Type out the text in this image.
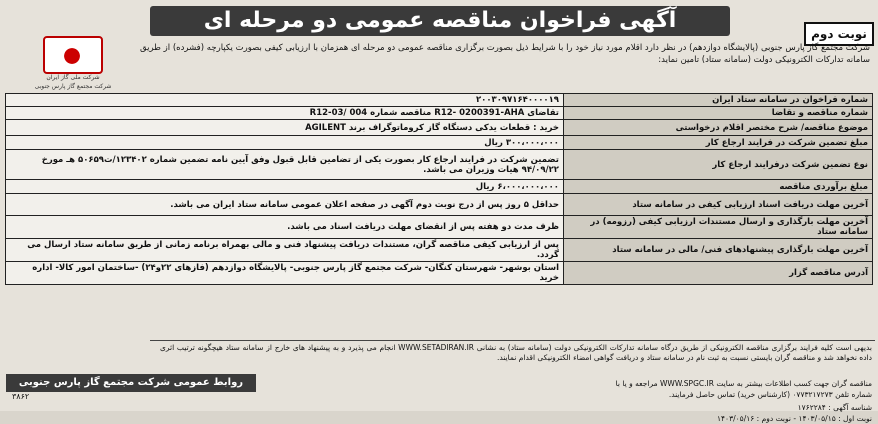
آگهی فراخوان مناقصه عمومی دو مرحله ای
نوبت دوم
شرکت ملی گاز ایران
شرکت مجتمع گاز پارس جنوبی
شرکت مجتمع گاز پارس جنوبی (پالایشگاه دوازدهم) در نظر دارد اقلام مورد نیاز خود را با شرایط ذیل بصورت برگزاری مناقصه عمومی دو مرحله ای همزمان با ارزیابی کیفی بصورت یکپارچه (فشرده) از طریق سامانه تدارکات الکترونیکی دولت (سامانه ستاد) تامین نماید:
شماره فراخوان در سامانه ستاد ایران	۲۰۰۳۰۹۷۱۶۴۰۰۰۰۱۹
شماره مناقصه و تقاضا	تقاضای R12- 0200391-AHA مناقصه شماره R12-03/ 004
موضوع مناقصه/ شرح مختصر اقلام درخواستی	خرید : قطعات یدکی دستگاه گاز کروماتوگراف برند AGILENT
مبلغ تضمین شرکت در فرایند ارجاع کار	۳۰۰،۰۰۰،۰۰۰ ریال
نوع تضمین شرکت درفرایند ارجاع کار	تضمین شرکت در فرایند ارجاع کار بصورت یکی از تضامین قابل قبول وفق آیین نامه تضمین شماره ۱۲۳۴۰۲/ت۵۰۶۵۹ هـ مورخ ۹۴/۰۹/۲۲ هیات وزیران می باشد.
مبلغ برآوردی مناقصه	۶،۰۰۰،۰۰۰،۰۰۰ ریال
آخرین مهلت دریافت اسناد ارزیابی کیفی در سامانه ستاد	حداقل ۵ روز پس از درج نوبت دوم آگهی در صفحه اعلان عمومی سامانه ستاد ایران می باشد.
آخرین مهلت بارگذاری و ارسال مستندات ارزیابی کیفی (رزومه) در سامانه ستاد	ظرف مدت دو هفته پس از انقضای مهلت دریافت اسناد می باشد.
آخرین مهلت بارگذاری پیشنهادهای فنی/ مالی در سامانه ستاد	پس از ارزیابی کیفی مناقصه گران، مستندات دریافت پیشنهاد فنی و مالی بهمراه برنامه زمانی از طریق سامانه ستاد ارسال می گردد.
آدرس مناقصه گزار	استان بوشهر- شهرستان کنگان- شرکت مجتمع گاز پارس جنوبی- پالایشگاه دوازدهم (فازهای ۲۲و۲۴) -ساختمان امور کالا- اداره خرید
بدیهی است کلیه فرایند برگزاری مناقصه الکترونیکی از طریق درگاه سامانه تدارکات الکترونیکی دولت (سامانه ستاد) به نشانی WWW.SETADIRAN.IR انجام می پذیرد و به پیشنهاد های خارج از سامانه ستاد هیچگونه ترتیب اثری داده نخواهد شد و مناقصه گران بایستی نسبت به ثبت نام در سامانه ستاد و دریافت گواهی امضاء الکترونیکی اقدام نمایند.
مناقصه گران جهت کسب اطلاعات بیشتر به سایت WWW.SPGC.IR مراجعه و یا با شماره تلفن ۰۷۷۳۲۱۷۲۷۳ (کارشناس خرید) تماس حاصل فرمایند.
شناسه آگهی : ۱۷۶۲۲۸۴
نوبت اول : ۱۴۰۳/۰۵/۱۵ - نوبت دوم : ۱۴۰۳/۰۵/۱۶
روابط عمومی شرکت مجتمع گاز پارس جنوبی
۳۸۶۲
